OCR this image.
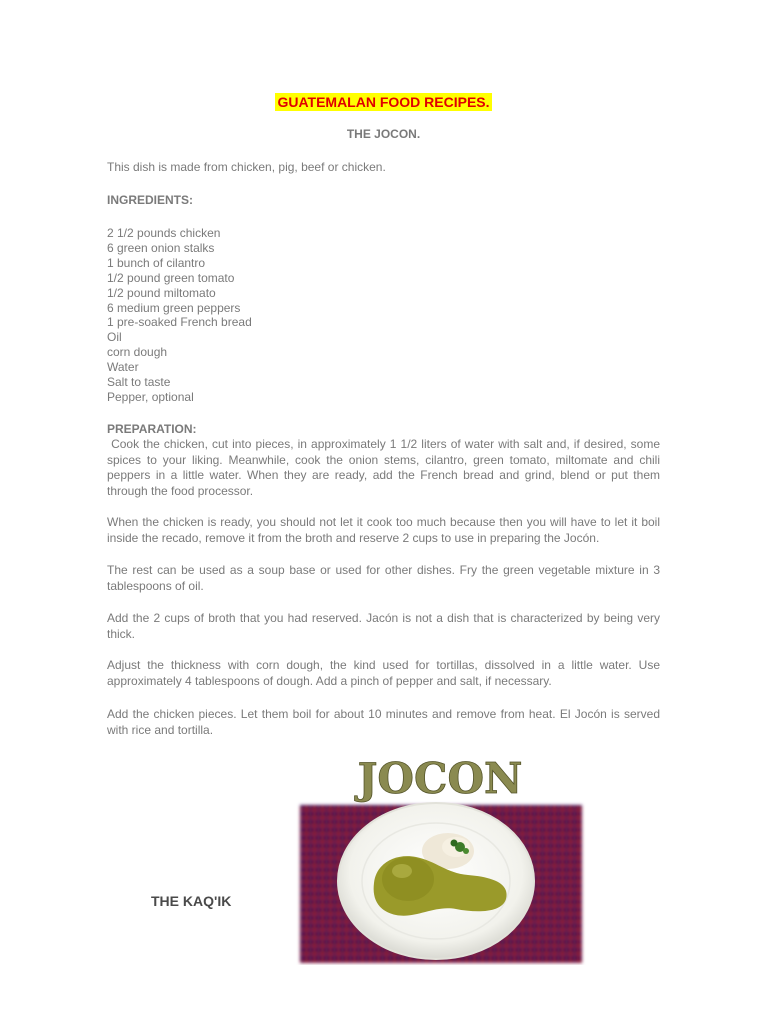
GUATEMALAN FOOD RECIPES.
THE JOCON.
This dish is made from chicken, pig, beef or chicken.
INGREDIENTS:
2 1/2 pounds chicken
6 green onion stalks
1 bunch of cilantro
1/2 pound green tomato
1/2 pound miltomato
6 medium green peppers
1 pre-soaked French bread
Oil
corn dough
Water
Salt to taste
Pepper, optional
PREPARATION:

Cook the chicken, cut into pieces, in approximately 1 1/2 liters of water with salt and, if desired, some spices to your liking. Meanwhile, cook the onion stems, cilantro, green tomato, miltomate and chili peppers in a little water. When they are ready, add the French bread and grind, blend or put them through the food processor.

When the chicken is ready, you should not let it cook too much because then you will have to let it boil inside the recado, remove it from the broth and reserve 2 cups to use in preparing the Jocón.

The rest can be used as a soup base or used for other dishes. Fry the green vegetable mixture in 3 tablespoons of oil.

Add the 2 cups of broth that you had reserved. Jacón is not a dish that is characterized by being very thick.

Adjust the thickness with corn dough, the kind used for tortillas, dissolved in a little water. Use approximately 4 tablespoons of dough. Add a pinch of pepper and salt, if necessary.

Add the chicken pieces. Let them boil for about 10 minutes and remove from heat. El Jocón is served with rice and tortilla.

THE KAQ'IK
JOCON
